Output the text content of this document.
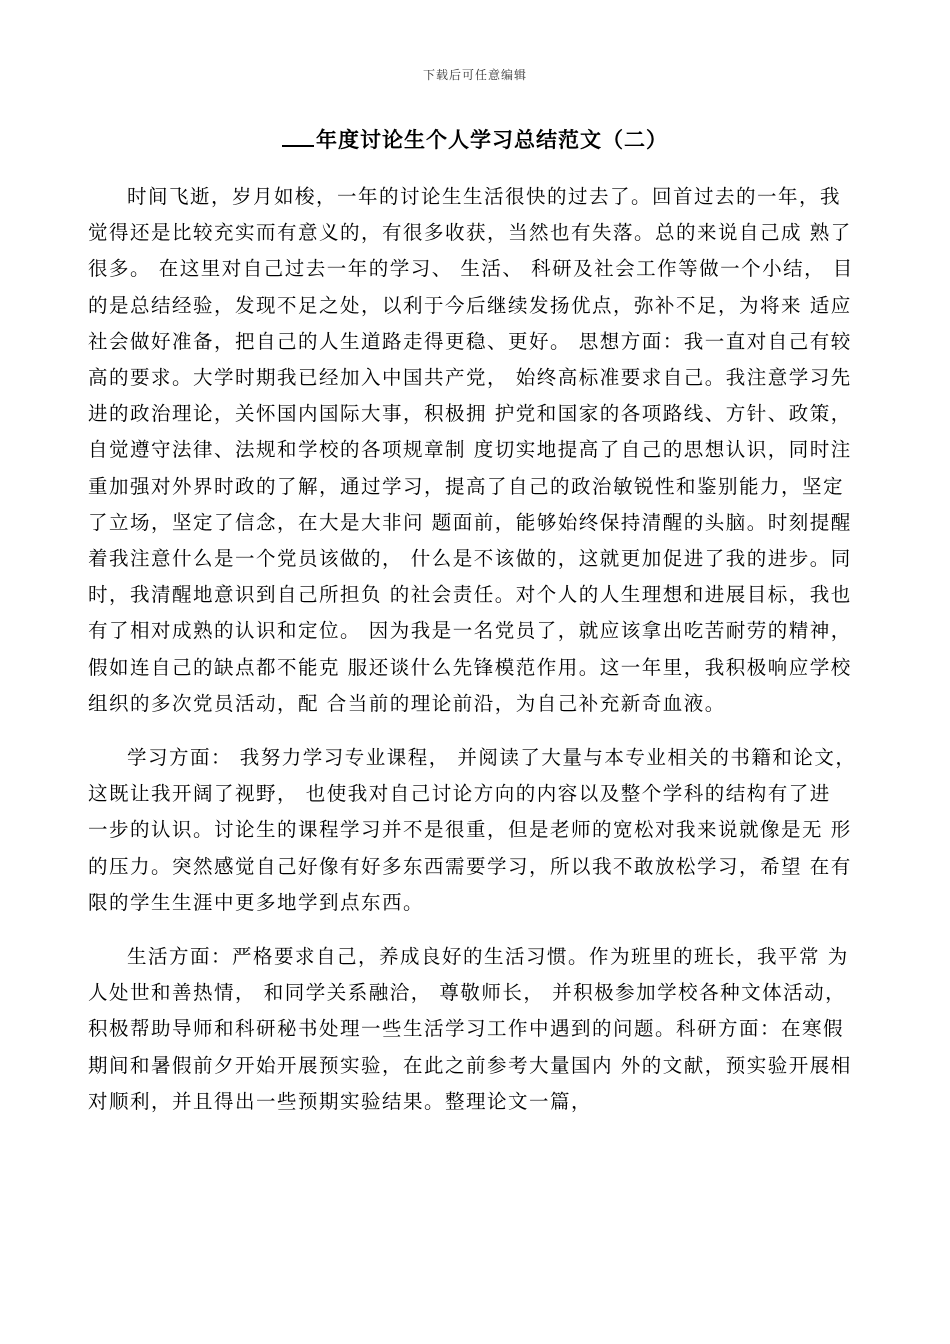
下载后可任意编辑
年度讨论生个人学习总结范文（二）

时间飞逝，岁月如梭，一年的讨论生生活很快的过去了。回首过去的一年，我觉得还是比较充实而有意义的，有很多收获，当然也有失落。总的来说自己成 熟了很多。 在这里对自己过去一年的学习、 生活、 科研及社会工作等做一个小结， 目的是总结经验，发现不足之处，以利于今后继续发扬优点，弥补不足，为将来 适应社会做好准备，把自己的人生道路走得更稳、更好。 思想方面：我一直对自己有较高的要求。大学时期我已经加入中国共产党， 始终高标准要求自己。我注意学习先进的政治理论，关怀国内国际大事，积极拥 护党和国家的各项路线、方针、政策，自觉遵守法律、法规和学校的各项规章制 度切实地提高了自己的思想认识，同时注重加强对外界时政的了解，通过学习，提高了自己的政治敏锐性和鉴别能力，坚定了立场，坚定了信念，在大是大非问 题面前，能够始终保持清醒的头脑。时刻提醒着我注意什么是一个党员该做的， 什么是不该做的，这就更加促进了我的进步。同时，我清醒地意识到自己所担负 的社会责任。对个人的人生理想和进展目标，我也有了相对成熟的认识和定位。 因为我是一名党员了，就应该拿出吃苦耐劳的精神，假如连自己的缺点都不能克 服还谈什么先锋模范作用。这一年里，我积极响应学校组织的多次党员活动，配 合当前的理论前沿，为自己补充新奇血液。

学习方面： 我努力学习专业课程， 并阅读了大量与本专业相关的书籍和论文， 这既让我开阔了视野， 也使我对自己讨论方向的内容以及整个学科的结构有了进 一步的认识。讨论生的课程学习并不是很重，但是老师的宽松对我来说就像是无 形的压力。突然感觉自己好像有好多东西需要学习，所以我不敢放松学习，希望 在有限的学生生涯中更多地学到点东西。

生活方面：严格要求自己，养成良好的生活习惯。作为班里的班长，我平常 为人处世和善热情， 和同学关系融洽， 尊敬师长， 并积极参加学校各种文体活动， 积极帮助导师和科研秘书处理一些生活学习工作中遇到的问题。科研方面：在寒假期间和暑假前夕开始开展预实验，在此之前参考大量国内 外的文献，预实验开展相对顺利，并且得出一些预期实验结果。整理论文一篇，
